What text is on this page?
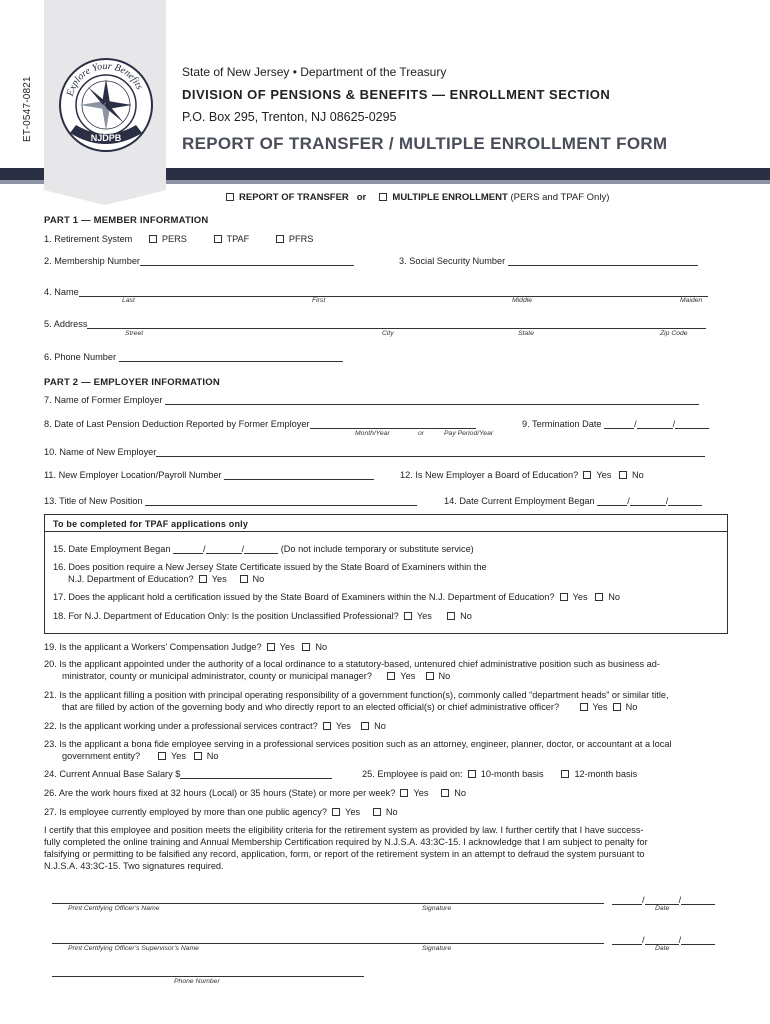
ET-0547-0821	Explore Your Benefits
NJDPB
State of New Jersey • Department of the Treasury
DIVISION OF PENSIONS & BENEFITS — ENROLLMENT SECTION
P.O. Box 295, Trenton, NJ 08625-0295
REPORT OF TRANSFER / MULTIPLE ENROLLMENT FORM
REPORT OF TRANSFER or	MULTIPLE ENROLLMENT (PERS and TPAF Only)
PART 1 — MEMBER INFORMATION
1. Retirement System	PERS	TPAF	PFRS
2. Membership Number	3. Social Security Number
4. Name
Last	First	Middle	Maiden
5. Address
Street	City	State	Zip Code
6. Phone Number
PART 2 — EMPLOYER INFORMATION
7. Name of Former Employer
8. Date of Last Pension Deduction Reported by Former Employer
Month/Year	or	Pay Period/Year
9. Termination Date	/	/
10. Name of New Employer
11. New Employer Location/Payroll Number	12. Is New Employer a Board of Education? Yes No
13. Title of New Position	14. Date Current Employment Began	/	/
To be completed for TPAF applications only
15. Date Employment Began	/	/	(Do not include temporary or substitute service)
16. Does position require a New Jersey State Certificate issued by the State Board of Examiners within the
N.J. Department of Education? Yes	No
17. Does the applicant hold a certification issued by the State Board of Examiners within the N.J. Department of Education? Yes No
18. For N.J. Department of Education Only: Is the position Unclassified Professional? Yes	No
19. Is the applicant a Workers’ Compensation Judge? Yes No
20. Is the applicant appointed under the authority of a local ordinance to a statutory-based, untenured chief administrative position such as business ad-
ministrator, county or municipal administrator, county or municipal manager?	Yes	No
21. Is the applicant filling a position with principal operating responsibility of a government function(s), commonly called “department heads” or similar title,
that are filled by action of the governing body and who directly report to an elected official(s) or chief administrative officer?	Yes No
22. Is the applicant working under a professional services contract? Yes	No
23. Is the applicant a bona fide employee serving in a professional services position such as an attorney, engineer, planner, doctor, or accountant at a local
government entity?	Yes No
24. Current Annual Base Salary $	25. Employee is paid on: 10-month basis	12-month basis
26. Are the work hours fixed at 32 hours (Local) or 35 hours (State) or more per week? Yes	No
27. Is employee currently employed by more than one public agency? Yes	No
I certify that this employee and position meets the eligibility criteria for the retirement system as provided by law. I further certify that I have success-
fully completed the online training and Annual Membership Certification required by N.J.S.A. 43:3C-15. I acknowledge that I am subject to penalty for
falsifying or permitting to be falsified any record, application, form, or report of the retirement system in an attempt to defraud the system pursuant to
N.J.S.A. 43:3C-15. Two signatures required.
/	/
Print Certifying Officer’s Name	Signature	Date
/	/
Print Certifying Officer’s Supervisor’s Name	Signature	Date
Phone Number
